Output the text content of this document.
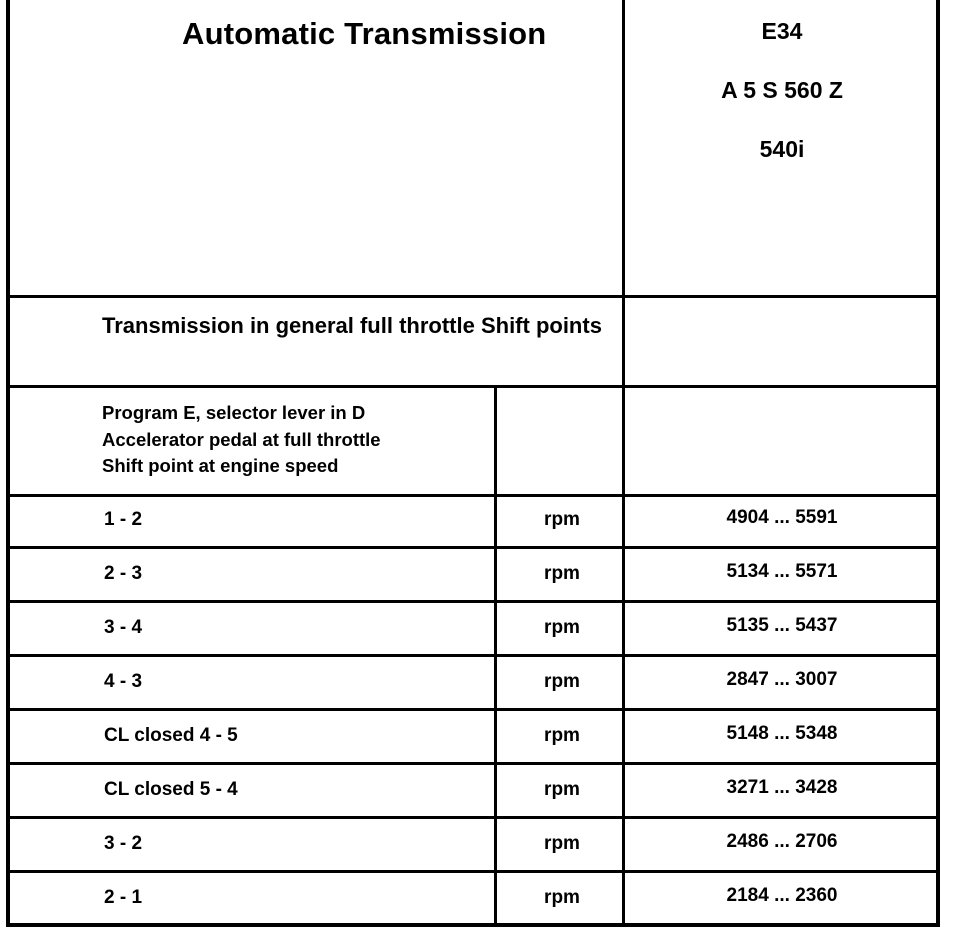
Automatic Transmission	E34
A 5 S 560 Z
540i
Transmission in general full throttle Shift points
Program E, selector lever in D
Accelerator pedal at full throttle
Shift point at engine speed
1 - 2	rpm	4904 ... 5591
2 - 3	rpm	5134 ... 5571
3 - 4	rpm	5135 ... 5437
4 - 3	rpm	2847 ... 3007
CL closed 4 - 5	rpm	5148 ... 5348
CL closed 5 - 4	rpm	3271 ... 3428
3 - 2	rpm	2486 ... 2706
2 - 1	rpm	2184 ... 2360
